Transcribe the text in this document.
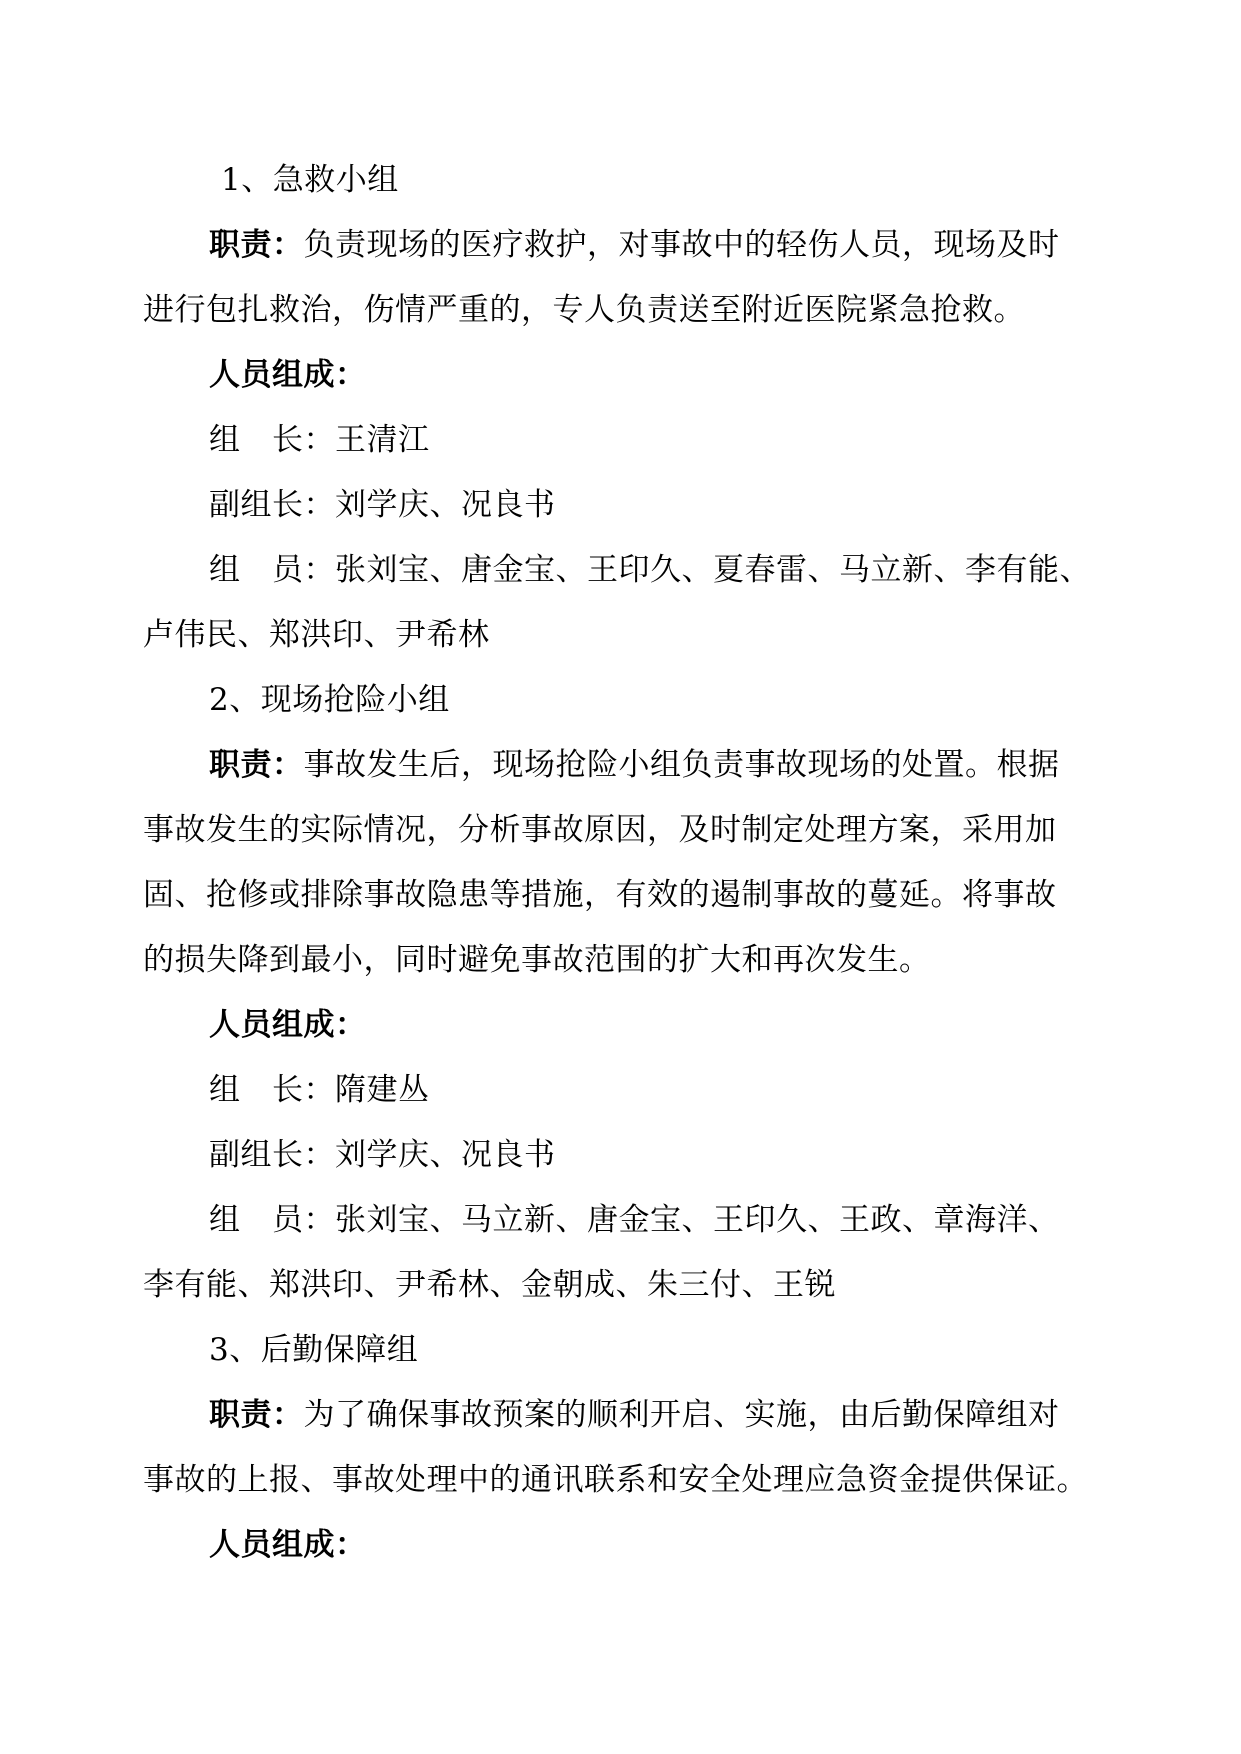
1、急救小组
职责：负责现场的医疗救护，对事故中的轻伤人员，现场及时
进行包扎救治，伤情严重的，专人负责送至附近医院紧急抢救。
人员组成：
组　长：王清江
副组长：刘学庆、况良书
组　员：张刘宝、唐金宝、王印久、夏春雷、马立新、李有能、
卢伟民、郑洪印、尹希林
2、现场抢险小组
职责：事故发生后，现场抢险小组负责事故现场的处置。根据
事故发生的实际情况，分析事故原因，及时制定处理方案，采用加
固、抢修或排除事故隐患等措施，有效的遏制事故的蔓延。将事故
的损失降到最小，同时避免事故范围的扩大和再次发生。
人员组成：
组　长：隋建丛
副组长：刘学庆、况良书
组　员：张刘宝、马立新、唐金宝、王印久、王政、章海洋、
李有能、郑洪印、尹希林、金朝成、朱三付、王锐
3、后勤保障组
职责：为了确保事故预案的顺利开启、实施，由后勤保障组对
事故的上报、事故处理中的通讯联系和安全处理应急资金提供保证。
人员组成：
